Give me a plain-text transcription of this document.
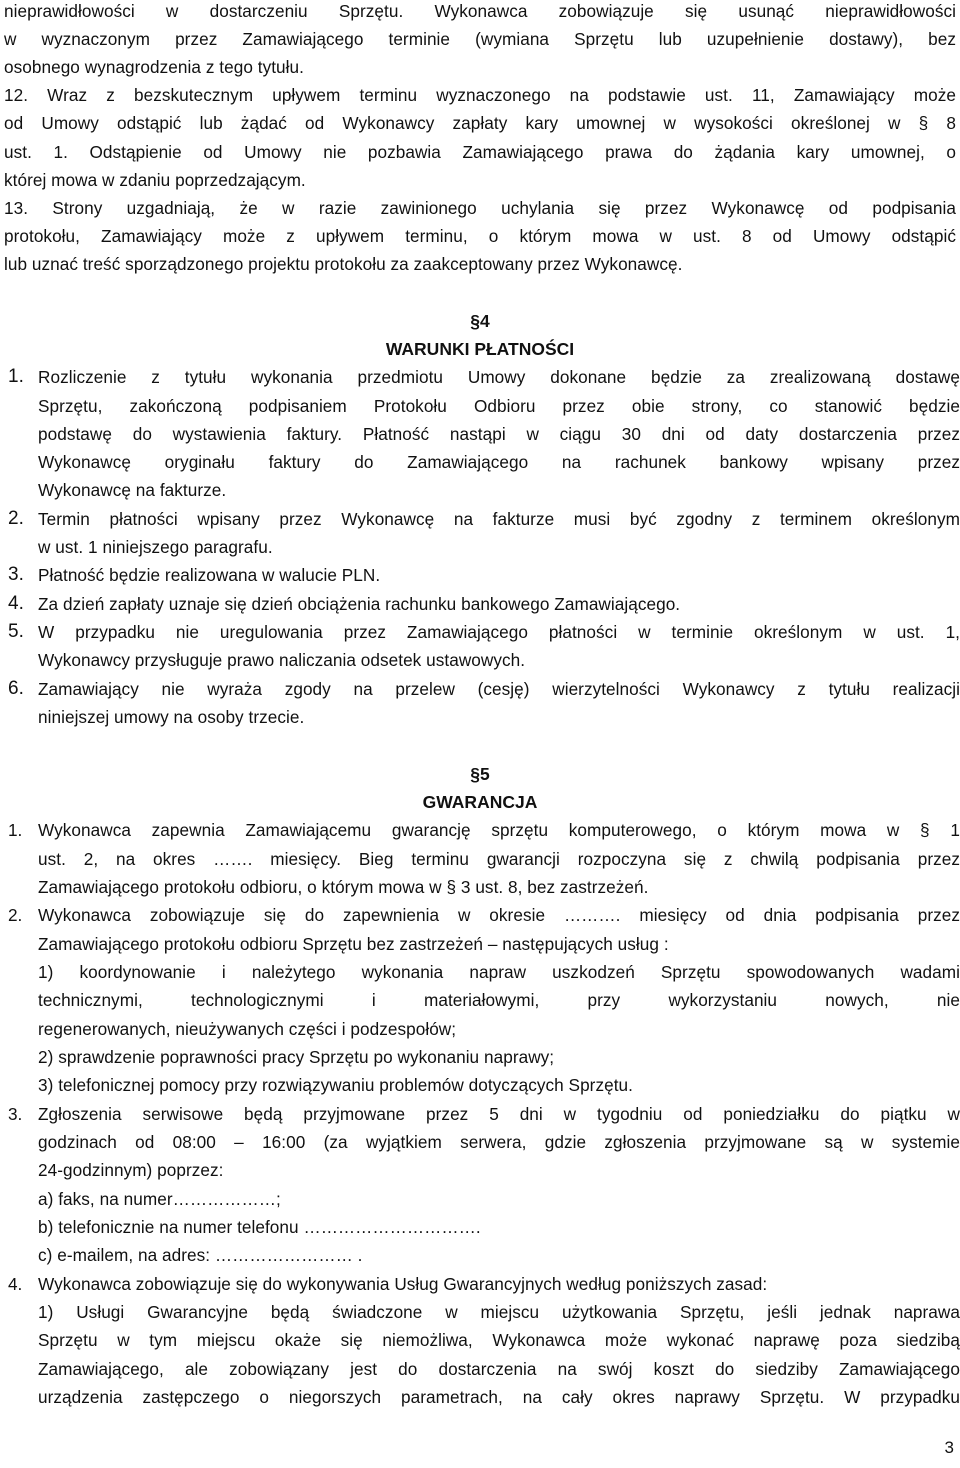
nieprawidłowości w dostarczeniu Sprzętu. Wykonawca zobowiązuje się usunąć nieprawidłowości
w wyznaczonym przez Zamawiającego terminie (wymiana Sprzętu lub uzupełnienie dostawy), bez
osobnego wynagrodzenia z tego tytułu.
12. Wraz z bezskutecznym upływem terminu wyznaczonego na podstawie ust. 11, Zamawiający może
od Umowy odstąpić lub żądać od Wykonawcy zapłaty kary umownej w wysokości określonej w § 8
ust. 1. Odstąpienie od Umowy nie pozbawia Zamawiającego prawa do żądania kary umownej, o
której mowa w zdaniu poprzedzającym.
13. Strony uzgadniają, że w razie zawinionego uchylania się przez Wykonawcę od podpisania
protokołu, Zamawiający może z upływem terminu, o którym mowa w ust. 8 od Umowy odstąpić
lub uznać treść sporządzonego projektu protokołu za zaakceptowany przez Wykonawcę.
§4
WARUNKI PŁATNOŚCI
1. Rozliczenie z tytułu wykonania przedmiotu Umowy dokonane będzie za zrealizowaną dostawę
Sprzętu, zakończoną podpisaniem Protokołu Odbioru przez obie strony, co stanowić będzie
podstawę do wystawienia faktury. Płatność nastąpi w ciągu 30 dni od daty dostarczenia przez
Wykonawcę oryginału faktury do Zamawiającego na rachunek bankowy wpisany przez
Wykonawcę na fakturze.
2. Termin płatności wpisany przez Wykonawcę na fakturze musi być zgodny z terminem określonym
w ust. 1 niniejszego paragrafu.
3. Płatność będzie realizowana w walucie PLN.
4. Za dzień zapłaty uznaje się dzień obciążenia rachunku bankowego Zamawiającego.
5. W przypadku nie uregulowania przez Zamawiającego płatności w terminie określonym w ust. 1,
Wykonawcy przysługuje prawo naliczania odsetek ustawowych.
6. Zamawiający nie wyraża zgody na przelew (cesję) wierzytelności Wykonawcy z tytułu realizacji
niniejszej umowy na osoby trzecie.
§5
GWARANCJA
1. Wykonawca zapewnia Zamawiającemu gwarancję sprzętu komputerowego, o którym mowa w § 1
ust. 2, na okres ……. miesięcy. Bieg terminu gwarancji rozpoczyna się z chwilą podpisania przez
Zamawiającego protokołu odbioru, o którym mowa w § 3 ust. 8, bez zastrzeżeń.
2. Wykonawca zobowiązuje się do zapewnienia w okresie ………. miesięcy od dnia podpisania przez
Zamawiającego protokołu odbioru Sprzętu bez zastrzeżeń – następujących usług :
1) koordynowanie i należytego wykonania napraw uszkodzeń Sprzętu spowodowanych wadami
technicznymi, technologicznymi i materiałowymi, przy wykorzystaniu nowych, nie
regenerowanych, nieużywanych części i podzespołów;
2) sprawdzenie poprawności pracy Sprzętu po wykonaniu naprawy;
3) telefonicznej pomocy przy rozwiązywaniu problemów dotyczących Sprzętu.
3. Zgłoszenia serwisowe będą przyjmowane przez 5 dni w tygodniu od poniedziałku do piątku w
godzinach od 08:00 – 16:00 (za wyjątkiem serwera, gdzie zgłoszenia przyjmowane są w systemie
24-godzinnym) poprzez:
a) faks, na numer………………;
b) telefonicznie na numer telefonu ………………………….
c) e-mailem, na adres: …………………… .
4. Wykonawca zobowiązuje się do wykonywania Usług Gwarancyjnych według poniższych zasad:
1) Usługi Gwarancyjne będą świadczone w miejscu użytkowania Sprzętu, jeśli jednak naprawa
Sprzętu w tym miejscu okaże się niemożliwa, Wykonawca może wykonać naprawę poza siedzibą
Zamawiającego, ale zobowiązany jest do dostarczenia na swój koszt do siedziby Zamawiającego
urządzenia zastępczego o niegorszych parametrach, na cały okres naprawy Sprzętu. W przypadku
3
